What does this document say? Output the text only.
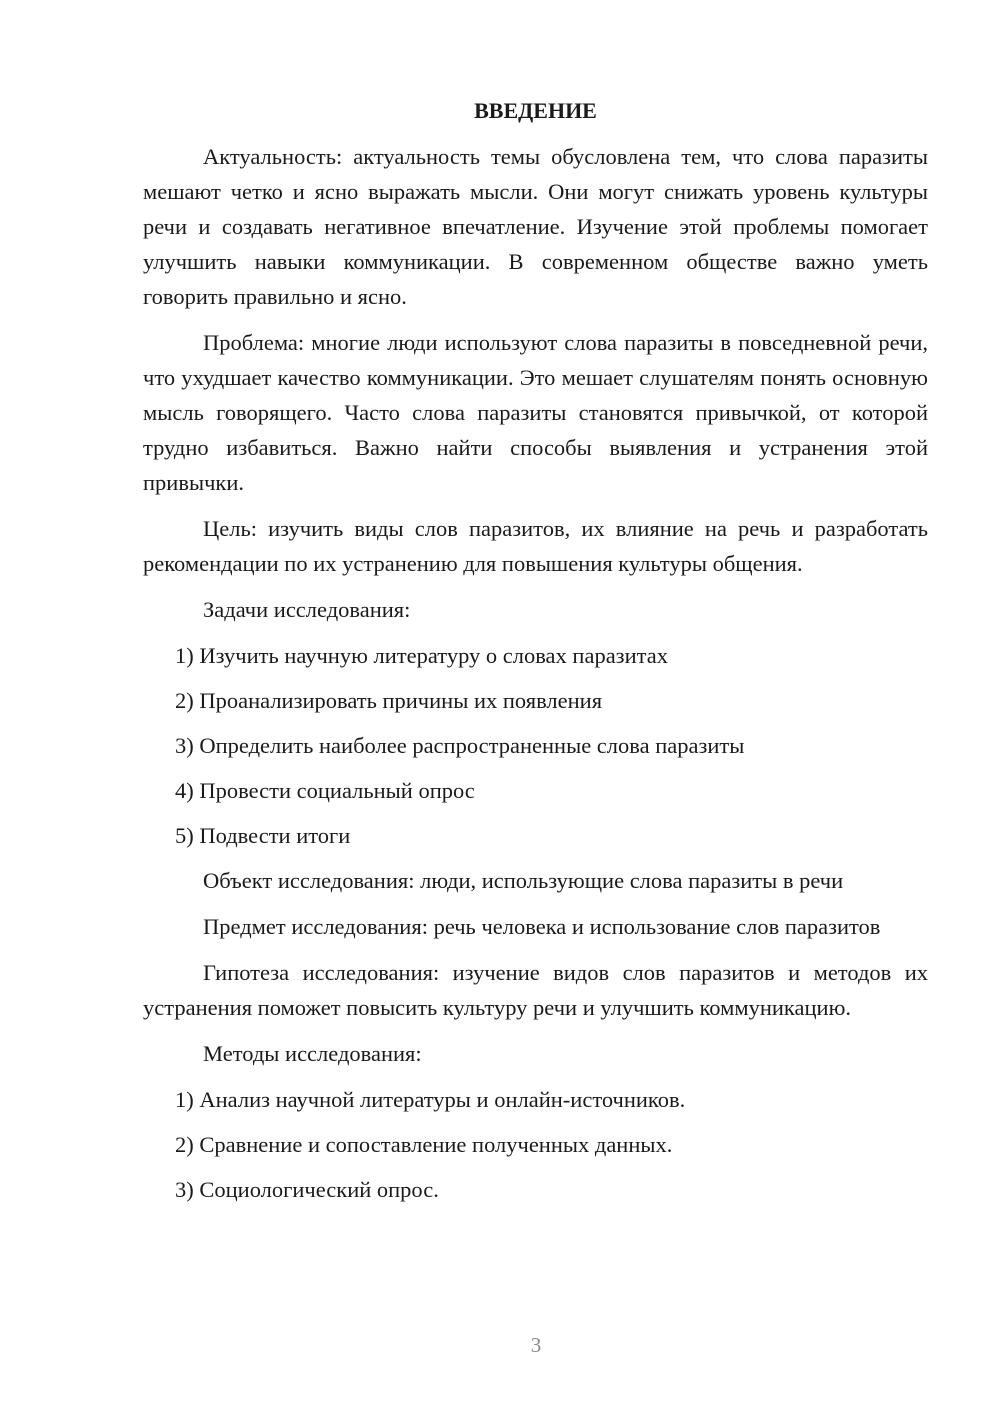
ВВЕДЕНИЕ

Актуальность: актуальность темы обусловлена тем, что слова паразиты мешают четко и ясно выражать мысли. Они могут снижать уровень культуры речи и создавать негативное впечатление. Изучение этой проблемы помогает улучшить навыки коммуникации. В современном обществе важно уметь говорить правильно и ясно.

Проблема: многие люди используют слова паразиты в повседневной речи, что ухудшает качество коммуникации. Это мешает слушателям понять основную мысль говорящего. Часто слова паразиты становятся привычкой, от которой трудно избавиться. Важно найти способы выявления и устранения этой привычки.

Цель: изучить виды слов паразитов, их влияние на речь и разработать рекомендации по их устранению для повышения культуры общения.

Задачи исследования:

1) Изучить научную литературу о словах паразитах
2) Проанализировать причины их появления
3) Определить наиболее распространенные слова паразиты
4) Провести социальный опрос
5) Подвести итоги

Объект исследования: люди, использующие слова паразиты в речи

Предмет исследования: речь человека и использование слов паразитов

Гипотеза исследования: изучение видов слов паразитов и методов их устранения поможет повысить культуру речи и улучшить коммуникацию.

Методы исследования:

1) Анализ научной литературы и онлайн-источников.
2) Сравнение и сопоставление полученных данных.
3) Социологический опрос.
3
